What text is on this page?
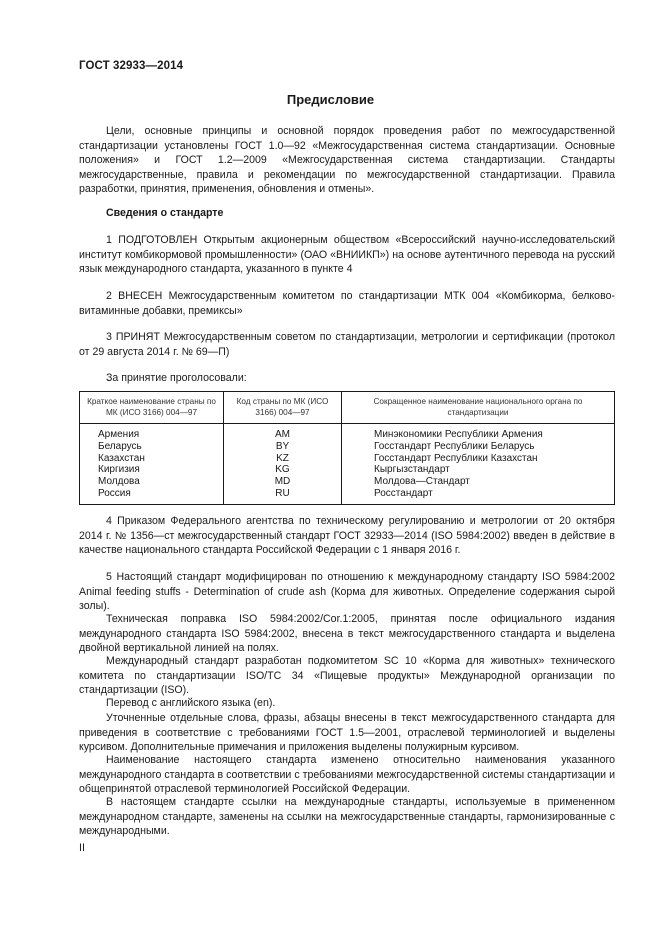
ГОСТ 32933—2014
Предисловие

Цели, основные принципы и основной порядок проведения работ по межгосударственной стандартизации установлены ГОСТ 1.0—92 «Межгосударственная система стандартизации. Основные положения» и ГОСТ 1.2—2009 «Межгосударственная система стандартизации. Стандарты межгосударственные, правила и рекомендации по межгосударственной стандартизации. Правила разработки, принятия, применения, обновления и отмены».

Сведения о стандарте

1 ПОДГОТОВЛЕН Открытым акционерным обществом «Всероссийский научно-исследовательский институт комбикормовой промышленности» (ОАО «ВНИИКП») на основе аутентичного перевода на русский язык международного стандарта, указанного в пункте 4

2 ВНЕСЕН Межгосударственным комитетом по стандартизации МТК 004 «Комбикорма, белково-витаминные добавки, премиксы»

3 ПРИНЯТ Межгосударственным советом по стандартизации, метрологии и сертификации (протокол от 29 августа 2014 г. № 69—П)

За принятие проголосовали:
Краткое наименование страны по МК (ИСО 3166) 004—97	Код страны по МК (ИСО 3166) 004—97	Сокращенное наименование национального органа по стандартизации
Армения	AM	Минэкономики Республики Армения
Беларусь	BY	Госстандарт Республики Беларусь
Казахстан	KZ	Госстандарт Республики Казахстан
Киргизия	KG	Кыргызстандарт
Молдова	MD	Молдова—Стандарт
Россия	RU	Росстандарт

4 Приказом Федерального агентства по техническому регулированию и метрологии от 20 октября 2014 г. № 1356—ст межгосударственный стандарт ГОСТ 32933—2014 (ISO 5984:2002) введен в действие в качестве национального стандарта Российской Федерации с 1 января 2016 г.

5 Настоящий стандарт модифицирован по отношению к международному стандарту ISO 5984:2002 Animal feeding stuffs - Determination of crude ash (Корма для животных. Определение содержания сырой золы).

Техническая поправка ISO 5984:2002/Cor.1:2005, принятая после официального издания международного стандарта ISO 5984:2002, внесена в текст межгосударственного стандарта и выделена двойной вертикальной линией на полях.

Международный стандарт разработан подкомитетом SC 10 «Корма для животных» технического комитета по стандартизации ISO/TC 34 «Пищевые продукты» Международной организации по стандартизации (ISO).

Перевод с английского языка (en).

Уточненные отдельные слова, фразы, абзацы внесены в текст межгосударственного стандарта для приведения в соответствие с требованиями ГОСТ 1.5—2001, отраслевой терминологией и выделены курсивом. Дополнительные примечания и приложения выделены полужирным курсивом.

Наименование настоящего стандарта изменено относительно наименования указанного международного стандарта в соответствии с требованиями межгосударственной системы стандартизации и общепринятой отраслевой терминологией Российской Федерации.

В настоящем стандарте ссылки на международные стандарты, используемые в примененном международном стандарте, заменены на ссылки на межгосударственные стандарты, гармонизированные с международными.

II
